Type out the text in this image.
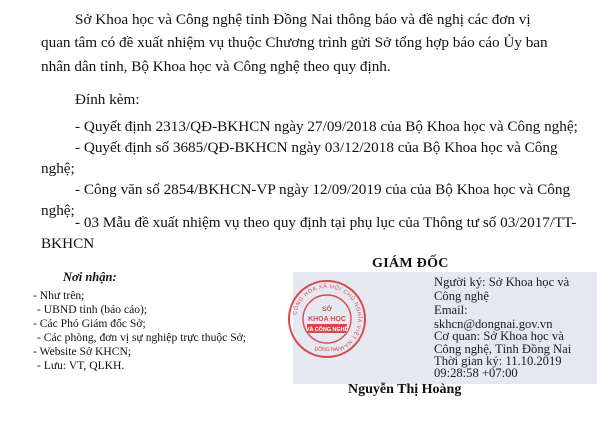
Sở Khoa học và Công nghệ tỉnh Đồng Nai thông báo và đề nghị các đơn vị
quan tâm có đề xuất nhiệm vụ thuộc Chương trình gửi Sở tổng hợp báo cáo Ủy ban
nhân dân tỉnh, Bộ Khoa học và Công nghệ theo quy định.
Đính kèm:
- Quyết định 2313/QĐ-BKHCN ngày 27/09/2018 của Bộ Khoa học và Công nghệ;
- Quyết định số 3685/QĐ-BKHCN ngày 03/12/2018 của Bộ Khoa học và Công
nghệ;
- Công văn số 2854/BKHCN-VP ngày 12/09/2019 của của Bộ Khoa học và Công
nghệ;
- 03 Mẫu đề xuất nhiệm vụ theo quy định tại phụ lục của Thông tư số 03/2017/TT-
BKHCN
Nơi nhận:
- Như trên;
- UBND tỉnh (báo cáo);
- Các Phó Giám đốc Sở;
- Các phòng, đơn vị sự nghiệp trực thuộc Sở;
- Website Sở KHCN;
- Lưu: VT, QLKH.
GIÁM ĐỐC
CÔNG HÒA XÃ HỘI CHỦ NGHĨA VIỆT NAM
SỞ
KHOA HỌC
VÀ CÔNG NGHỆ
ĐỒNG NAI
Người ký: Sở Khoa học và
Công nghệ
Email:
skhcn@dongnai.gov.vn
Cơ quan: Sở Khoa học và
Công nghệ, Tỉnh Đồng Nai
Thời gian ký: 11.10.2019
09:28:58 +07:00
Nguyễn Thị Hoàng
